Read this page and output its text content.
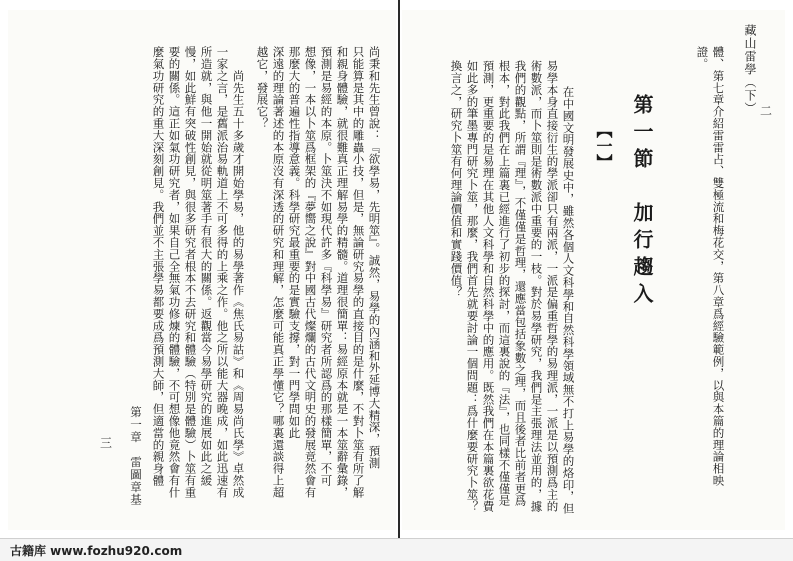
藏山雷學（下） 二
體、第七章介紹雷雷占、雙極流和梅花交，第八章爲經驗範例，以與本篇的理論相映
證。
第一節　加行趨入
【一】
在中國文明發展史中，雖然各個人文科學和自然科學領域無不打上易學的烙印，但
易學本身直接衍生的學派卻只有兩派，一派是偏重哲學的易理派，一派是以預測爲主的
術數派，而卜筮則是術數派中重要的一枝。對於易學研究，我們是主張理法並用的，據
我們的觀點，所謂『理』，不僅僅是哲理，還應當包括象數之理，而且後者比前者更爲
根本，對此我們在上篇裏已經進行了初步的探討，而這裏說的『法』，也同樣不僅僅是
預測，更重要的是易理在其他人文科學和自然科學中的應用。既然我們在本篇裏欲花費
如此多的筆墨專門研究卜筮，那麼，我們首先就要討論一個問題：爲什麼要研究卜筮？
換言之，研究卜筮有何理論價值和實踐價值？
尚秉和先生曾說：『欲學易，先明筮』。誠然，易學的內涵和外延博大精深，預測
只能算是其中的雕蟲小技，但是，無論研究易學的直接目的是什麼，不對卜筮有所了解
和親身體驗，就很難真正理解易學的精髓。道理很簡單：易經原本就是一本筮辭彙錄，
預測是易經的本原。卜筮決不如現代許多『科學易』研究者所認爲的那樣簡單，不可
想像，一本以卜筮爲框架的『夢嚮之說』對中國古代燦爛的古代文明史的發展竟然會有
那麼大的普遍性指導意義。科學研究最重要的是實驗支撐，對一門學問如此
深遠的理論著述的本原沒有深透的研究和理解，怎麼可能真正學懂它？哪裏還談得上超
越它，發展它？
　　尚先生五十多歲才開始學易，他的易學著作《焦氏易詁》和《周易尚氏學》卓然成
一家之言，是舊派治易軌道上不可多得的上乘之作。他之所以能大器晚成，如此迅速有
所造就，與他一開始就從明筮著手有很大的關係。返觀當今易學研究的進展如此之緩
慢，如此鮮有突破性創見，與很多研究者根本不去研究和體驗（特別是體驗）卜筮有重
要的關係。這正如氣功研究者，如果自己全無氣功修煉的體驗，不可想像他竟然會有什
麼氣功研究的重大深刻創見。我們並不主張學易都要成爲預測大師，但適當的親身體
第一章　雷圖章基
三
古籍库 www.fozhu920.com
